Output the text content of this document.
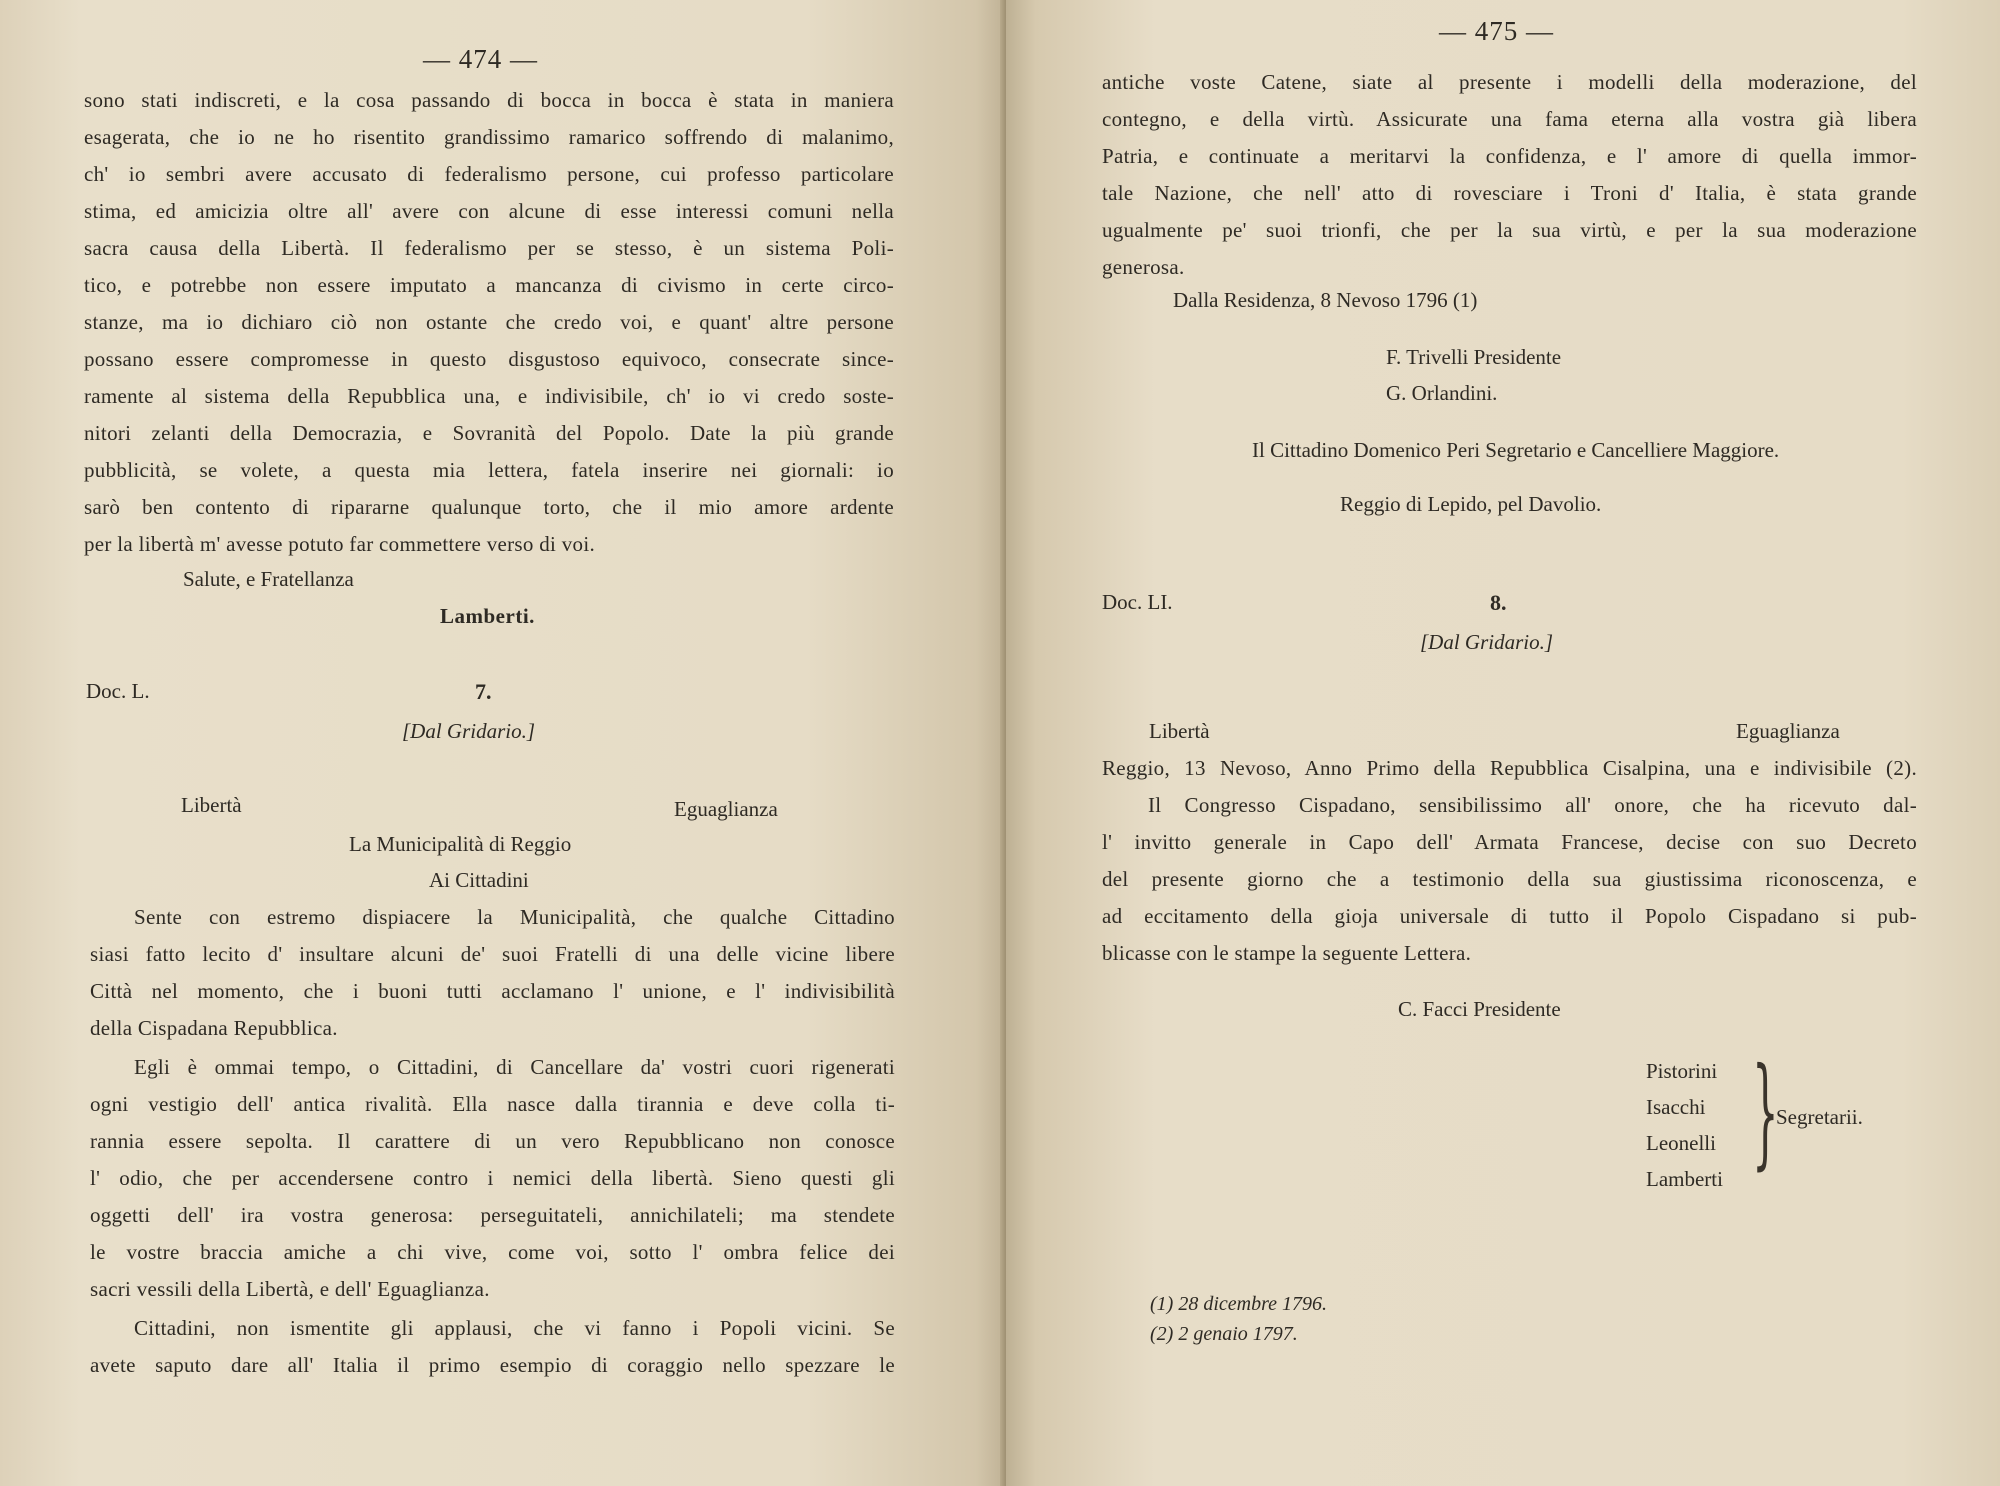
— 474 —
sono stati indiscreti, e la cosa passando di bocca in bocca è stata in maniera
esagerata, che io ne ho risentito grandissimo ramarico soffrendo di malanimo,
ch' io sembri avere accusato di federalismo persone, cui professo particolare
stima, ed amicizia oltre all' avere con alcune di esse interessi comuni nella
sacra causa della Libertà. Il federalismo per se stesso, è un sistema Poli-
tico, e potrebbe non essere imputato a mancanza di civismo in certe circo-
stanze, ma io dichiaro ciò non ostante che credo voi, e quant' altre persone
possano essere compromesse in questo disgustoso equivoco, consecrate since-
ramente al sistema della Repubblica una, e indivisibile, ch' io vi credo soste-
nitori zelanti della Democrazia, e Sovranità del Popolo. Date la più grande
pubblicità, se volete, a questa mia lettera, fatela inserire nei giornali: io
sarò ben contento di ripararne qualunque torto, che il mio amore ardente
per la libertà m' avesse potuto far commettere verso di voi.
Salute, e Fratellanza
Lamberti.
Doc. L.	7.
[Dal Gridario.]
Libertà	Eguaglianza
La Municipalità di Reggio
Ai Cittadini
Sente con estremo dispiacere la Municipalità, che qualche Cittadino
siasi fatto lecito d' insultare alcuni de' suoi Fratelli di una delle vicine libere
Città nel momento, che i buoni tutti acclamano l' unione, e l' indivisibilità
della Cispadana Repubblica.
Egli è ommai tempo, o Cittadini, di Cancellare da' vostri cuori rigenerati
ogni vestigio dell' antica rivalità. Ella nasce dalla tirannia e deve colla ti-
rannia essere sepolta. Il carattere di un vero Repubblicano non conosce
l' odio, che per accendersene contro i nemici della libertà. Sieno questi gli
oggetti dell' ira vostra generosa: perseguitateli, annichilateli; ma stendete
le vostre braccia amiche a chi vive, come voi, sotto l' ombra felice dei
sacri vessili della Libertà, e dell' Eguaglianza.
Cittadini, non ismentite gli applausi, che vi fanno i Popoli vicini. Se
avete saputo dare all' Italia il primo esempio di coraggio nello spezzare le
— 475 —
antiche voste Catene, siate al presente i modelli della moderazione, del
contegno, e della virtù. Assicurate una fama eterna alla vostra già libera
Patria, e continuate a meritarvi la confidenza, e l' amore di quella immor-
tale Nazione, che nell' atto di rovesciare i Troni d' Italia, è stata grande
ugualmente pe' suoi trionfi, che per la sua virtù, e per la sua moderazione
generosa.
Dalla Residenza, 8 Nevoso 1796 (1)
F. Trivelli Presidente
G. Orlandini.
Il Cittadino Domenico Peri Segretario e Cancelliere Maggiore.
Reggio di Lepido, pel Davolio.
Doc. LI.	8.
[Dal Gridario.]
Libertà	Eguaglianza
Reggio, 13 Nevoso, Anno Primo della Repubblica Cisalpina, una e indivisibile (2).
Il Congresso Cispadano, sensibilissimo all' onore, che ha ricevuto dal-
l' invitto generale in Capo dell' Armata Francese, decise con suo Decreto
del presente giorno che a testimonio della sua giustissima riconoscenza, e
ad eccitamento della gioja universale di tutto il Popolo Cispadano si pub-
blicasse con le stampe la seguente Lettera.
C. Facci Presidente
Pistorini
Isacchi
Leonelli
Lamberti }
Segretarii.
(1) 28 dicembre 1796.
(2) 2 genaio 1797.
